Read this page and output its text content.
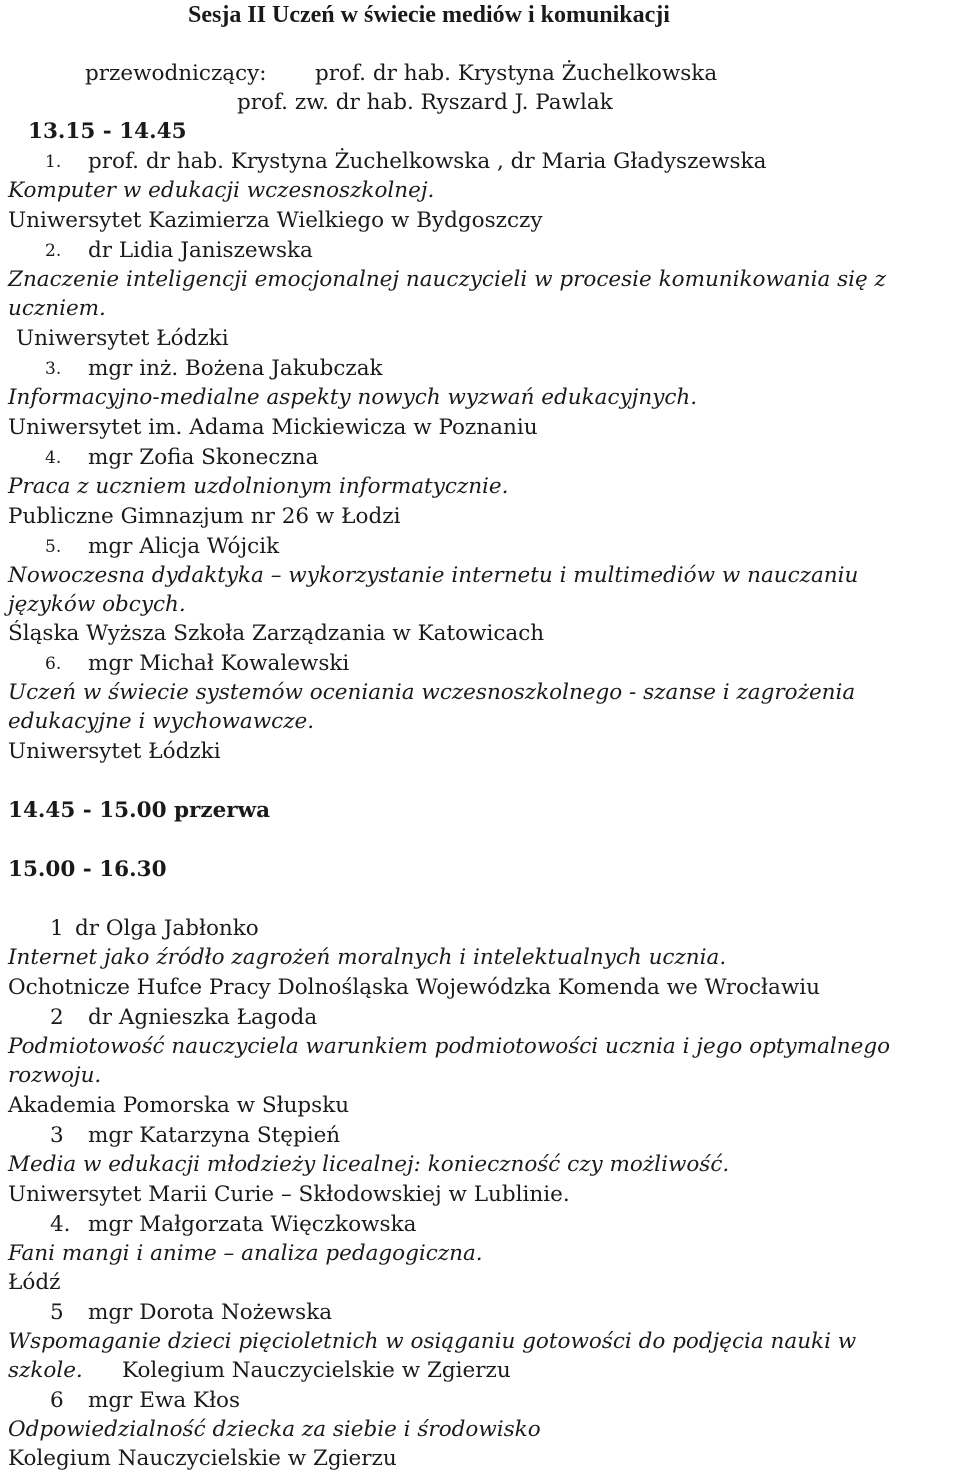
Sesja II Uczeń w świecie mediów i komunikacji
przewodniczący: prof. dr hab. Krystyna Żuchelkowska
prof. zw. dr hab. Ryszard J. Pawlak
13.15 - 14.45
1. prof. dr hab. Krystyna Żuchelkowska , dr Maria Gładyszewska
Komputer w edukacji wczesnoszkolnej.
Uniwersytet Kazimierza Wielkiego w Bydgoszczy
2. dr Lidia Janiszewska
Znaczenie inteligencji emocjonalnej nauczycieli w procesie komunikowania się z
uczniem.
Uniwersytet Łódzki
3. mgr inż. Bożena Jakubczak
Informacyjno-medialne aspekty nowych wyzwań edukacyjnych.
Uniwersytet im. Adama Mickiewicza w Poznaniu
4. mgr Zofia Skoneczna
Praca z uczniem uzdolnionym informatycznie.
Publiczne Gimnazjum nr 26 w Łodzi
5. mgr Alicja Wójcik
Nowoczesna dydaktyka – wykorzystanie internetu i multimediów w nauczaniu
języków obcych.
Śląska Wyższa Szkoła Zarządzania w Katowicach
6. mgr Michał Kowalewski
Uczeń w świecie systemów oceniania wczesnoszkolnego - szanse i zagrożenia
edukacyjne i wychowawcze.
Uniwersytet Łódzki
14.45 - 15.00 przerwa
15.00 - 16.30
1 dr Olga Jabłonko
Internet jako źródło zagrożeń moralnych i intelektualnych ucznia.
Ochotnicze Hufce Pracy Dolnośląska Wojewódzka Komenda we Wrocławiu
2 dr Agnieszka Łagoda
Podmiotowość nauczyciela warunkiem podmiotowości ucznia i jego optymalnego
rozwoju.
Akademia Pomorska w Słupsku
3 mgr Katarzyna Stępień
Media w edukacji młodzieży licealnej: konieczność czy możliwość.
Uniwersytet Marii Curie – Skłodowskiej w Lublinie.
4. mgr Małgorzata Więczkowska
Fani mangi i anime – analiza pedagogiczna.
Łódź
5 mgr Dorota Nożewska
Wspomaganie dzieci pięcioletnich w osiąganiu gotowości do podjęcia nauki w
szkole. Kolegium Nauczycielskie w Zgierzu
6 mgr Ewa Kłos
Odpowiedzialność dziecka za siebie i środowisko
Kolegium Nauczycielskie w Zgierzu
